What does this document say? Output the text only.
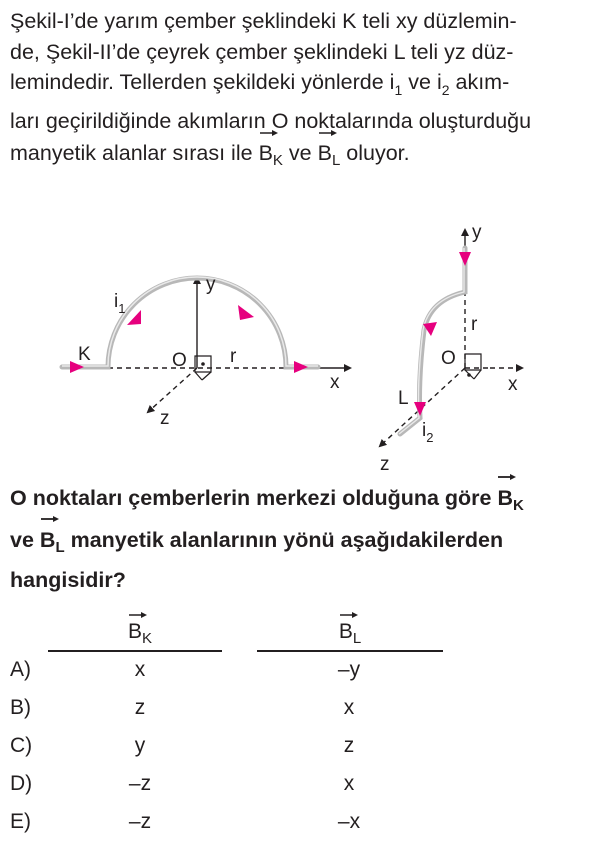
Şekil-I’de yarım çember şeklindeki K teli xy düzlemin-
de, Şekil-II’de çeyrek çember şeklindeki L teli yz düz-
lemindedir. Tellerden şekildeki yönlerde $i_1$ ve $i_2$ akım-
ları geçirildiğinde akımların O noktalarında oluşturduğu
manyetik alanlar sırası ile $B_K$ ve $B_L$ oluyor.
K
$i_1$
O r
y
x
z
y
r
O
x
L
$i_2$
z
O noktaları çemberlerin merkezi olduğuna göre $B_K$
ve $B_L$ manyetik alanlarının yönü aşağıdakilerden
hangisidir?
$B_K$	$B_L$
A)	x	–y
B)	z	x
C)	y	z
D)	–z	x
E)	–z	–x
